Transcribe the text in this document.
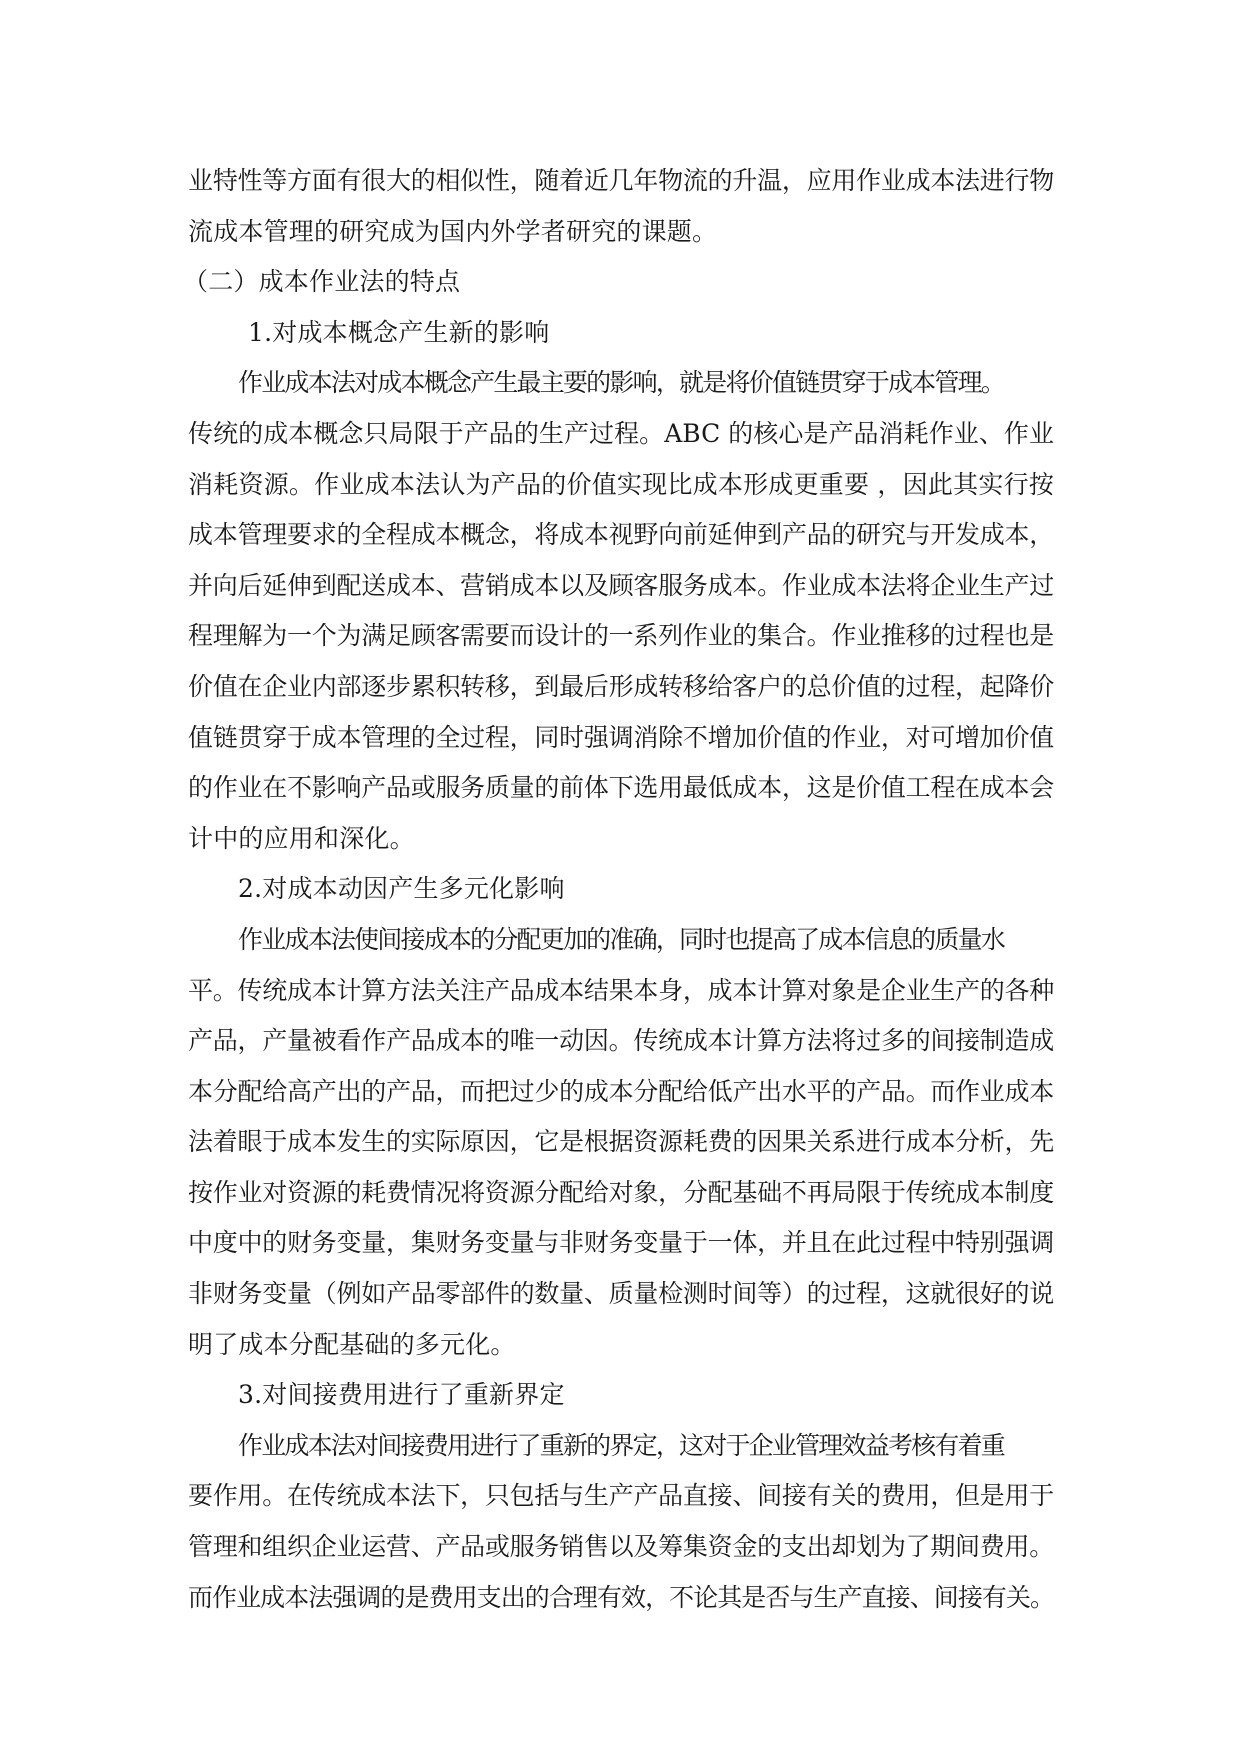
业特性等方面有很大的相似性，随着近几年物流的升温，应用作业成本法进行物
流成本管理的研究成为国内外学者研究的课题。
（二）成本作业法的特点
1.对成本概念产生新的影响
作业成本法对成本概念产生最主要的影响，就是将价值链贯穿于成本管理。
传统的成本概念只局限于产品的生产过程。ABC 的核心是产品消耗作业、作业
消耗资源。作业成本法认为产品的价值实现比成本形成更重要 ，因此其实行按
成本管理要求的全程成本概念，将成本视野向前延伸到产品的研究与开发成本，
并向后延伸到配送成本、营销成本以及顾客服务成本。作业成本法将企业生产过
程理解为一个为满足顾客需要而设计的一系列作业的集合。作业推移的过程也是
价值在企业内部逐步累积转移，到最后形成转移给客户的总价值的过程，起降价
值链贯穿于成本管理的全过程，同时强调消除不增加价值的作业，对可增加价值
的作业在不影响产品或服务质量的前体下选用最低成本，这是价值工程在成本会
计中的应用和深化。
2.对成本动因产生多元化影响
作业成本法使间接成本的分配更加的准确，同时也提高了成本信息的质量水
平。传统成本计算方法关注产品成本结果本身，成本计算对象是企业生产的各种
产品，产量被看作产品成本的唯一动因。传统成本计算方法将过多的间接制造成
本分配给高产出的产品，而把过少的成本分配给低产出水平的产品。而作业成本
法着眼于成本发生的实际原因，它是根据资源耗费的因果关系进行成本分析，先
按作业对资源的耗费情况将资源分配给对象，分配基础不再局限于传统成本制度
中度中的财务变量，集财务变量与非财务变量于一体，并且在此过程中特别强调
非财务变量（例如产品零部件的数量、质量检测时间等）的过程，这就很好的说
明了成本分配基础的多元化。
3.对间接费用进行了重新界定
作业成本法对间接费用进行了重新的界定，这对于企业管理效益考核有着重
要作用。在传统成本法下，只包括与生产产品直接、间接有关的费用，但是用于
管理和组织企业运营、产品或服务销售以及筹集资金的支出却划为了期间费用。
而作业成本法强调的是费用支出的合理有效，不论其是否与生产直接、间接有关。
